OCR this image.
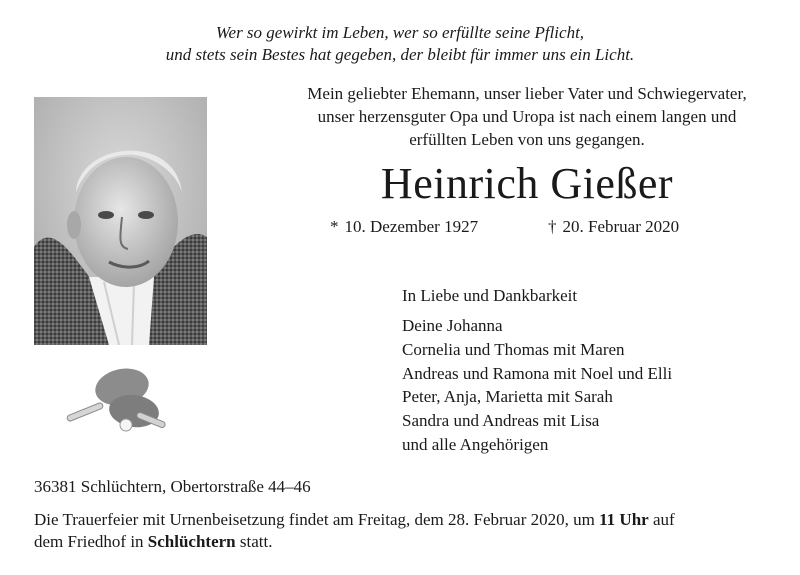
Wer so gewirkt im Leben, wer so erfüllte seine Pflicht,
und stets sein Bestes hat gegeben, der bleibt für immer uns ein Licht.
Mein geliebter Ehemann, unser lieber Vater und Schwiegervater,
unser herzensguter Opa und Uropa ist nach einem langen und
erfüllten Leben von uns gegangen.
Heinrich Gießer
* 10. Dezember 1927	† 20. Februar 2020
In Liebe und Dankbarkeit
Deine Johanna
Cornelia und Thomas mit Maren
Andreas und Ramona mit Noel und Elli
Peter, Anja, Marietta mit Sarah
Sandra und Andreas mit Lisa
und alle Angehörigen
36381 Schlüchtern, Obertorstraße 44–46
Die Trauerfeier mit Urnenbeisetzung findet am Freitag, dem 28. Februar 2020, um 11 Uhr auf
dem Friedhof in Schlüchtern statt.
